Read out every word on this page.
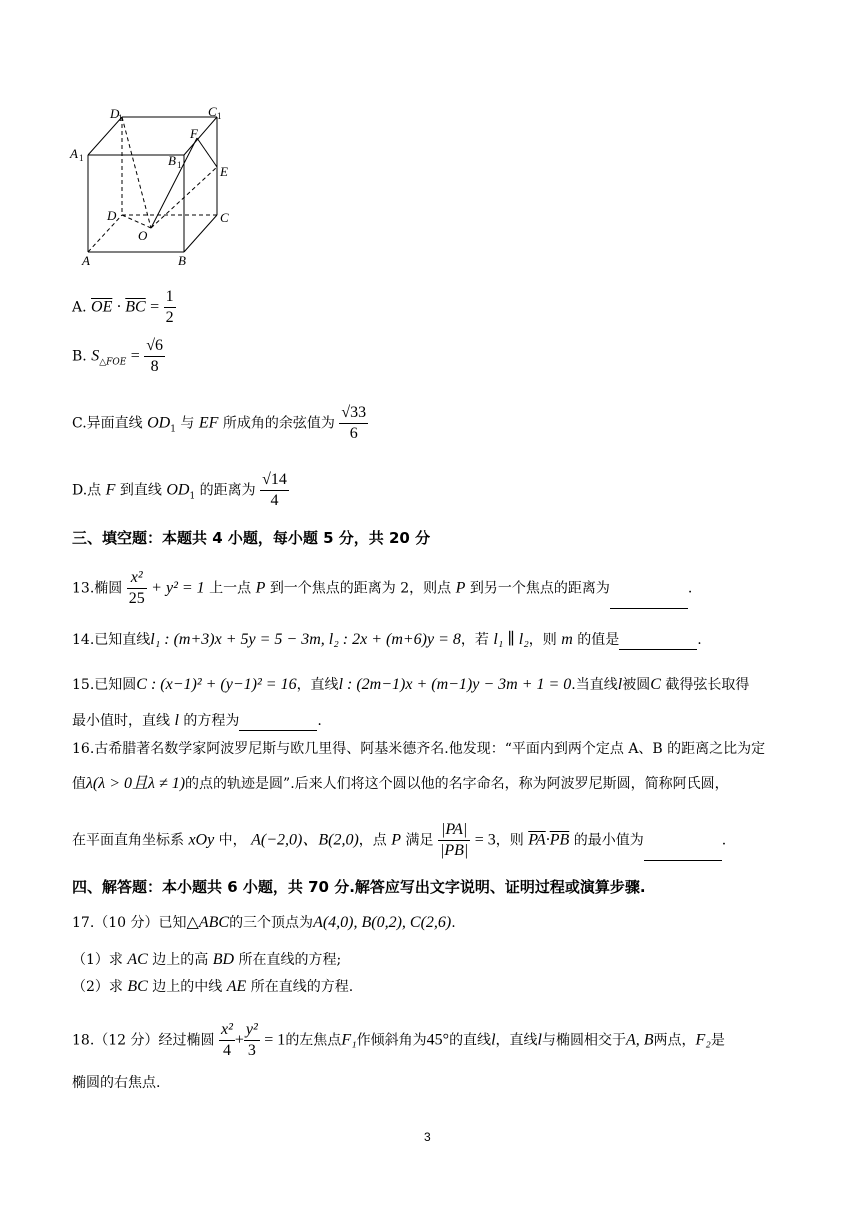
D
1	C 1
A 1	B 1
F
E
D	C
O
A	B
A. $\overline{OE} \cdot \overline{BC} = \frac{1}{2}$
B. $S_{\triangle FOE} = \frac{√6}{8}$
C.异面直线 $OD_1$ 与 EF 所成角的余弦值为 $\frac{√33}{6}$
D.点 F 到直线 $OD_1$ 的距离为 $\frac{√14}{4}$
三、填空题：本题共 4 小题，每小题 5 分，共 20 分
13.椭圆 $\frac{\text{x²}}{25} + y^2 = 1$ 上一点 P 到一个焦点的距离为 2，则点 P 到另一个焦点的距离为	.
14.已知直线l₁ : (m+3)x + 5y = 5 − 3m, l₂ : 2x + (m+6)y = 8，若 l₁ ∥ l₂，则 m 的值是	.
15.已知圆C : (x−1)² + (y−1)² = 16，直线l : (2m−1)x + (m−1)y − 3m + 1 = 0.当直线l被圆C 截得弦长取得
最小值时，直线 l 的方程为	.
16.古希腊著名数学家阿波罗尼斯与欧几里得、阿基米德齐名.他发现：“平面内到两个定点 A、B 的距离之比为定
值λ(λ > 0且λ ≠ 1)的点的轨迹是圆”.后来人们将这个圆以他的名字命名，称为阿波罗尼斯圆，简称阿氏圆，
在平面直角坐标系 xOy 中， A(−2,0)、B(2,0)，点 P 满足 $\frac{|PA|}{|PB|} = 3$，则 $\overline{PA}\cdot\overline{PB}$ 的最小值为	.
四、解答题：本小题共 6 小题，共 70 分.解答应写出文字说明、证明过程或演算步骤.
17.（10 分）已知△ABC的三个顶点为A(4,0), B(0,2), C(2,6).
（1）求 AC 边上的高 BD 所在直线的方程;
（2）求 BC 边上的中线 AE 所在直线的方程.
18.（12 分）经过椭圆 $\frac{\text{x²}}{4} + \frac{\text{y²}}{3} = 1$的左焦点F₁作倾斜角为45°的直线l，直线l与椭圆相交于A, B两点，F₂是
椭圆的右焦点.
3
